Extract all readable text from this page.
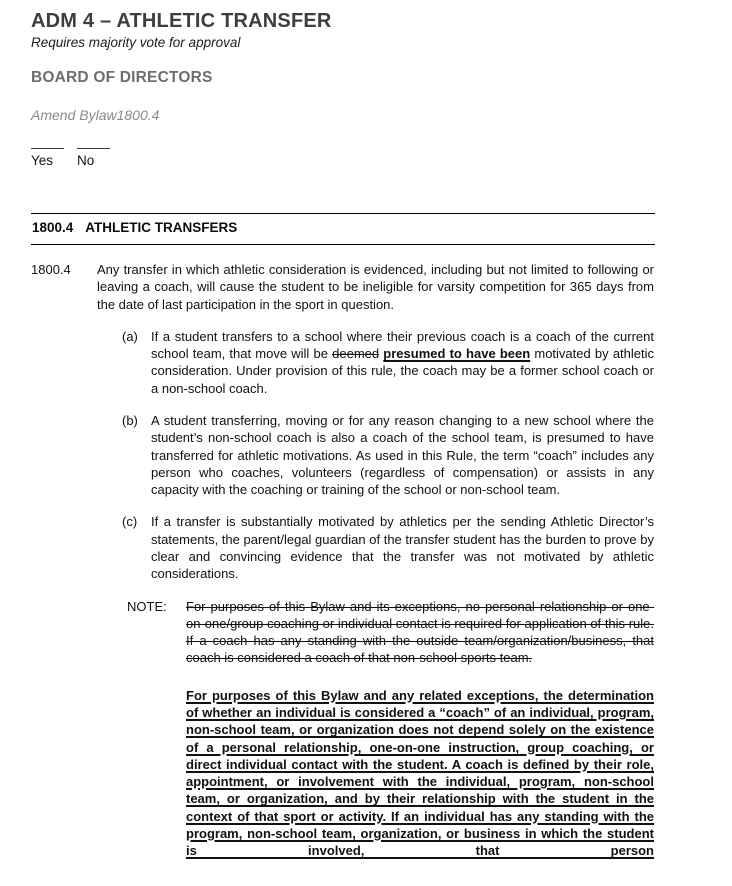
ADM 4 – ATHLETIC TRANSFER

Requires majority vote for approval

BOARD OF DIRECTORS

Amend Bylaw1800.4

Yes	No
1800.4 ATHLETIC TRANSFERS
1800.4	Any transfer in which athletic consideration is evidenced, including but not limited to following or leaving a coach, will cause the student to be ineligible for varsity competition for 365 days from the date of last participation in the sport in question.

(a)	If a student transfers to a school where their previous coach is a coach of the current school team, that move will be deemed presumed to have been motivated by athletic consideration. Under provision of this rule, the coach may be a former school coach or a non-school coach.
(b)	A student transferring, moving or for any reason changing to a new school where the student’s non-school coach is also a coach of the school team, is presumed to have transferred for athletic motivations. As used in this Rule, the term “coach” includes any person who coaches, volunteers (regardless of compensation) or assists in any capacity with the coaching or training of the school or non-school team.
(c)	If a transfer is substantially motivated by athletics per the sending Athletic Director’s statements, the parent/legal guardian of the transfer student has the burden to prove by clear and convincing evidence that the transfer was not motivated by athletic considerations.
NOTE:	For purposes of this Bylaw and its exceptions, no personal relationship or one-on-one/group coaching or individual contact is required for application of this rule. If a coach has any standing with the outside team/organization/business, that coach is considered a coach of that non-school sports team.

For purposes of this Bylaw and any related exceptions, the determination of whether an individual is considered a “coach” of an individual, program, non-school team, or organization does not depend solely on the existence of a personal relationship, one-on-one instruction, group coaching, or direct individual contact with the student. A coach is defined by their role, appointment, or involvement with the individual, program, non-school team, or organization, and by their relationship with the student in the context of that sport or activity. If an individual has any standing with the program, non-school team, organization, or business in which the student is involved, that person
